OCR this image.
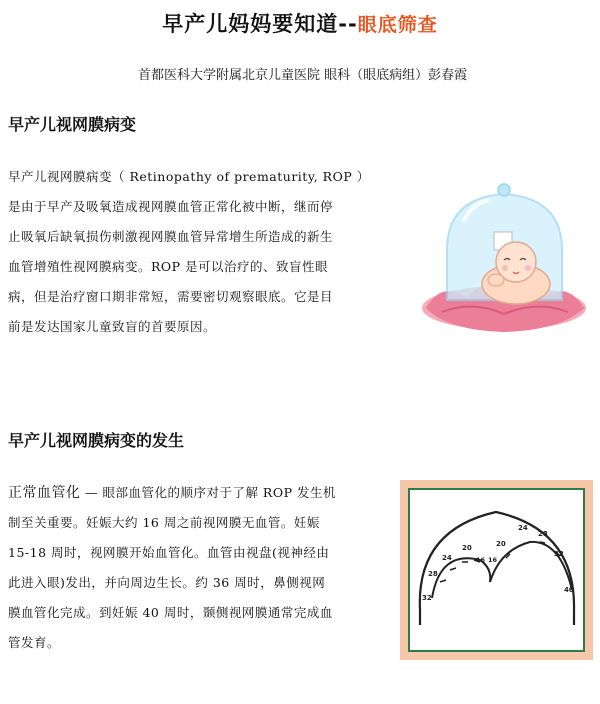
早产儿妈妈要知道--眼底筛查
首都医科大学附属北京儿童医院 眼科（眼底病组）彭春霞
早产儿视网膜病变
早产儿视网膜病变（ Retinopathy of prematurity, ROP ）
是由于早产及吸氧造成视网膜血管正常化被中断，继而停
止吸氧后缺氧损伤刺激视网膜血管异常增生所造成的新生
血管增殖性视网膜病变。ROP 是可以治疗的、致盲性眼
病，但是治疗窗口期非常短，需要密切观察眼底。它是目
前是发达国家儿童致盲的首要原因。
早产儿视网膜病变的发生
正常血管化 — 眼部血管化的顺序对于了解 ROP 发生机
制至关重要。妊娠大约 16 周之前视网膜无血管。妊娠
15-18 周时，视网膜开始血管化。血管由视盘(视神经由
此进入眼)发出，并向周边生长。约 36 周时，鼻侧视网
膜血管化完成。到妊娠 40 周时，颞侧视网膜通常完成血
管发育。
32
28
24
20
16 16
20
24
28
32
40
